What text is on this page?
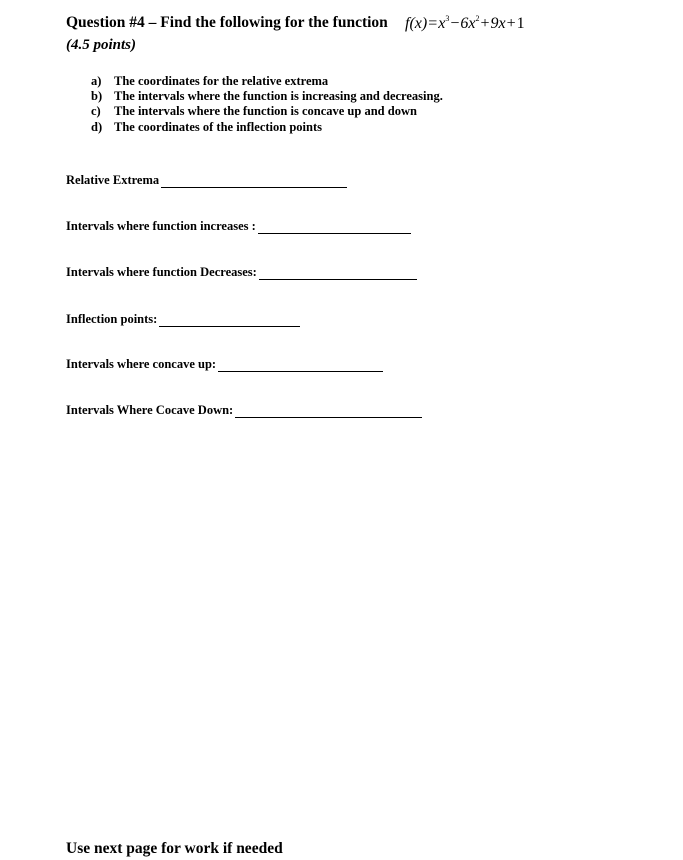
Question #4 – Find the following for the function $f(x)=x^3-6x^2+9x+1$
(4.5 points)
a)	The coordinates for the relative extrema
b) The intervals where the function is increasing and decreasing.
c)	The intervals where the function is concave up and down
d) The coordinates of the inflection points
Relative Extrema
Intervals where function increases :
Intervals where function Decreases:
Inflection points:
Intervals where concave up:
Intervals Where Cocave Down:
Use next page for work if needed
